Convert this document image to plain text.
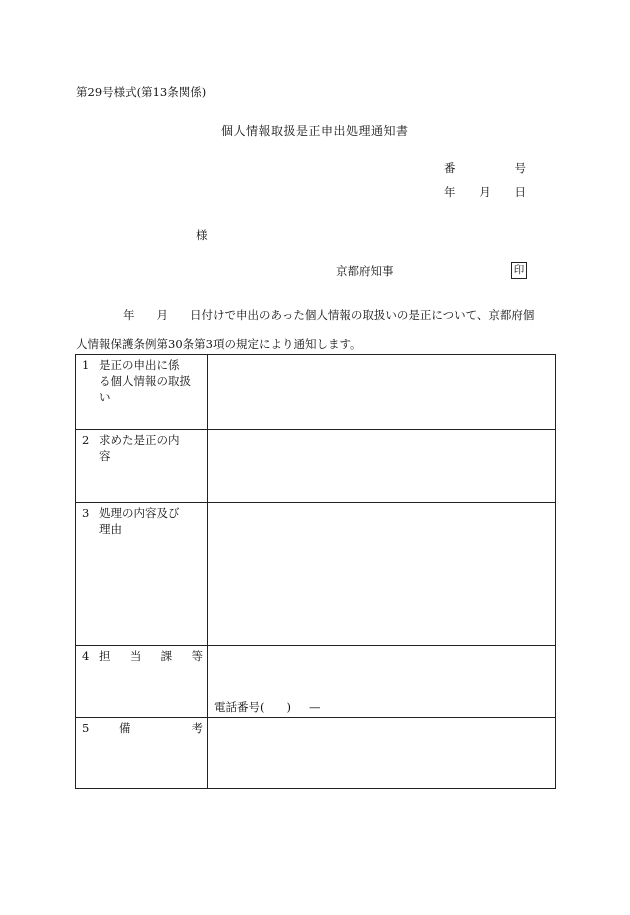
第29号様式(第13条関係)
個人情報取扱是正申出処理通知書
番	号
年 月 日
様
京都府知事	印
年 月 日付けで申出のあった個人情報の取扱いの是正について、京都府個
人情報保護条例第30条第3項の規定により通知します。
1 是正の申出に係
る個人情報の取扱
い	

2 求めた是正の内
容	

3 処理の内容及び
理由	

4 担 当 課 等	電話番号( ) —

5 備 考	
